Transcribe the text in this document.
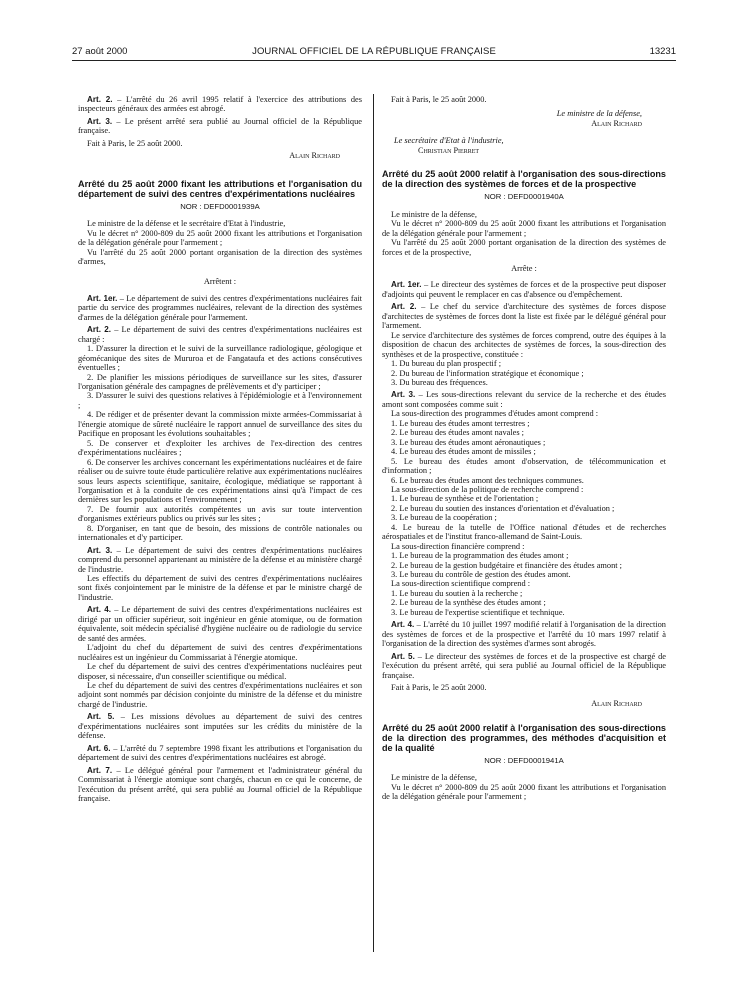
27 août 2000	JOURNAL OFFICIEL DE LA RÉPUBLIQUE FRANÇAISE	13231

Art. 2. – L'arrêté du 26 avril 1995 relatif à l'exercice des attributions des inspecteurs généraux des armées est abrogé.

Art. 3. – Le présent arrêté sera publié au Journal officiel de la République française.

Fait à Paris, le 25 août 2000.

Alain Richard

Arrêté du 25 août 2000 fixant les attributions et l'organisation du département de suivi des centres d'expérimentations nucléaires

NOR : DEFD0001939A

Le ministre de la défense et le secrétaire d'Etat à l'industrie,

Vu le décret n° 2000-809 du 25 août 2000 fixant les attributions et l'organisation de la délégation générale pour l'armement ;

Vu l'arrêté du 25 août 2000 portant organisation de la direction des systèmes d'armes,

Arrêtent :

Art. 1er. – Le département de suivi des centres d'expérimentations nucléaires fait partie du service des programmes nucléaires, relevant de la direction des systèmes d'armes de la délégation générale pour l'armement.

Art. 2. – Le département de suivi des centres d'expérimentations nucléaires est chargé :

1. D'assurer la direction et le suivi de la surveillance radiologique, géologique et géomécanique des sites de Mururoa et de Fangataufa et des actions consécutives éventuelles ;

2. De planifier les missions périodiques de surveillance sur les sites, d'assurer l'organisation générale des campagnes de prélèvements et d'y participer ;

3. D'assurer le suivi des questions relatives à l'épidémiologie et à l'environnement ;

4. De rédiger et de présenter devant la commission mixte armées-Commissariat à l'énergie atomique de sûreté nucléaire le rapport annuel de surveillance des sites du Pacifique en proposant les évolutions souhaitables ;

5. De conserver et d'exploiter les archives de l'ex-direction des centres d'expérimentations nucléaires ;

6. De conserver les archives concernant les expérimentations nucléaires et de faire réaliser ou de suivre toute étude particulière relative aux expérimentations nucléaires sous leurs aspects scientifique, sanitaire, écologique, médiatique se rapportant à l'organisation et à la conduite de ces expérimentations ainsi qu'à l'impact de ces dernières sur les populations et l'environnement ;

7. De fournir aux autorités compétentes un avis sur toute intervention d'organismes extérieurs publics ou privés sur les sites ;

8. D'organiser, en tant que de besoin, des missions de contrôle nationales ou internationales et d'y participer.

Art. 3. – Le département de suivi des centres d'expérimentations nucléaires comprend du personnel appartenant au ministère de la défense et au ministère chargé de l'industrie.

Les effectifs du département de suivi des centres d'expérimentations nucléaires sont fixés conjointement par le ministre de la défense et par le ministre chargé de l'industrie.

Art. 4. – Le département de suivi des centres d'expérimentations nucléaires est dirigé par un officier supérieur, soit ingénieur en génie atomique, ou de formation équivalente, soit médecin spécialisé d'hygiène nucléaire ou de radiologie du service de santé des armées.

L'adjoint du chef du département de suivi des centres d'expérimentations nucléaires est un ingénieur du Commissariat à l'énergie atomique.

Le chef du département de suivi des centres d'expérimentations nucléaires peut disposer, si nécessaire, d'un conseiller scientifique ou médical.

Le chef du département de suivi des centres d'expérimentations nucléaires et son adjoint sont nommés par décision conjointe du ministre de la défense et du ministre chargé de l'industrie.

Art. 5. – Les missions dévolues au département de suivi des centres d'expérimentations nucléaires sont imputées sur les crédits du ministère de la défense.

Art. 6. – L'arrêté du 7 septembre 1998 fixant les attributions et l'organisation du département de suivi des centres d'expérimentations nucléaires est abrogé.

Art. 7. – Le délégué général pour l'armement et l'administrateur général du Commissariat à l'énergie atomique sont chargés, chacun en ce qui le concerne, de l'exécution du présent arrêté, qui sera publié au Journal officiel de la République française.

Fait à Paris, le 25 août 2000.

Le ministre de la défense,

Alain Richard

Le secrétaire d'Etat à l'industrie,

Christian Pierret

Arrêté du 25 août 2000 relatif à l'organisation des sous-directions de la direction des systèmes de forces et de la prospective

NOR : DEFD0001940A

Le ministre de la défense,

Vu le décret n° 2000-809 du 25 août 2000 fixant les attributions et l'organisation de la délégation générale pour l'armement ;

Vu l'arrêté du 25 août 2000 portant organisation de la direction des systèmes de forces et de la prospective,

Arrête :

Art. 1er. – Le directeur des systèmes de forces et de la prospective peut disposer d'adjoints qui peuvent le remplacer en cas d'absence ou d'empêchement.

Art. 2. – Le chef du service d'architecture des systèmes de forces dispose d'architectes de systèmes de forces dont la liste est fixée par le délégué général pour l'armement.

Le service d'architecture des systèmes de forces comprend, outre des équipes à la disposition de chacun des architectes de systèmes de forces, la sous-direction des synthèses et de la prospective, constituée :

1. Du bureau du plan prospectif ;

2. Du bureau de l'information stratégique et économique ;

3. Du bureau des fréquences.

Art. 3. – Les sous-directions relevant du service de la recherche et des études amont sont composées comme suit :

La sous-direction des programmes d'études amont comprend :

1. Le bureau des études amont terrestres ;

2. Le bureau des études amont navales ;

3. Le bureau des études amont aéronautiques ;

4. Le bureau des études amont de missiles ;

5. Le bureau des études amont d'observation, de télécommunication et d'information ;

6. Le bureau des études amont des techniques communes.

La sous-direction de la politique de recherche comprend :

1. Le bureau de synthèse et de l'orientation ;

2. Le bureau du soutien des instances d'orientation et d'évaluation ;

3. Le bureau de la coopération ;

4. Le bureau de la tutelle de l'Office national d'études et de recherches aérospatiales et de l'institut franco-allemand de Saint-Louis.

La sous-direction financière comprend :

1. Le bureau de la programmation des études amont ;

2. Le bureau de la gestion budgétaire et financière des études amont ;

3. Le bureau du contrôle de gestion des études amont.

La sous-direction scientifique comprend :

1. Le bureau du soutien à la recherche ;

2. Le bureau de la synthèse des études amont ;

3. Le bureau de l'expertise scientifique et technique.

Art. 4. – L'arrêté du 10 juillet 1997 modifié relatif à l'organisation de la direction des systèmes de forces et de la prospective et l'arrêté du 10 mars 1997 relatif à l'organisation de la direction des systèmes d'armes sont abrogés.

Art. 5. – Le directeur des systèmes de forces et de la prospective est chargé de l'exécution du présent arrêté, qui sera publié au Journal officiel de la République française.

Fait à Paris, le 25 août 2000.

Alain Richard

Arrêté du 25 août 2000 relatif à l'organisation des sous-directions de la direction des programmes, des méthodes d'acquisition et de la qualité

NOR : DEFD0001941A

Le ministre de la défense,

Vu le décret n° 2000-809 du 25 août 2000 fixant les attributions et l'organisation de la délégation générale pour l'armement ;
